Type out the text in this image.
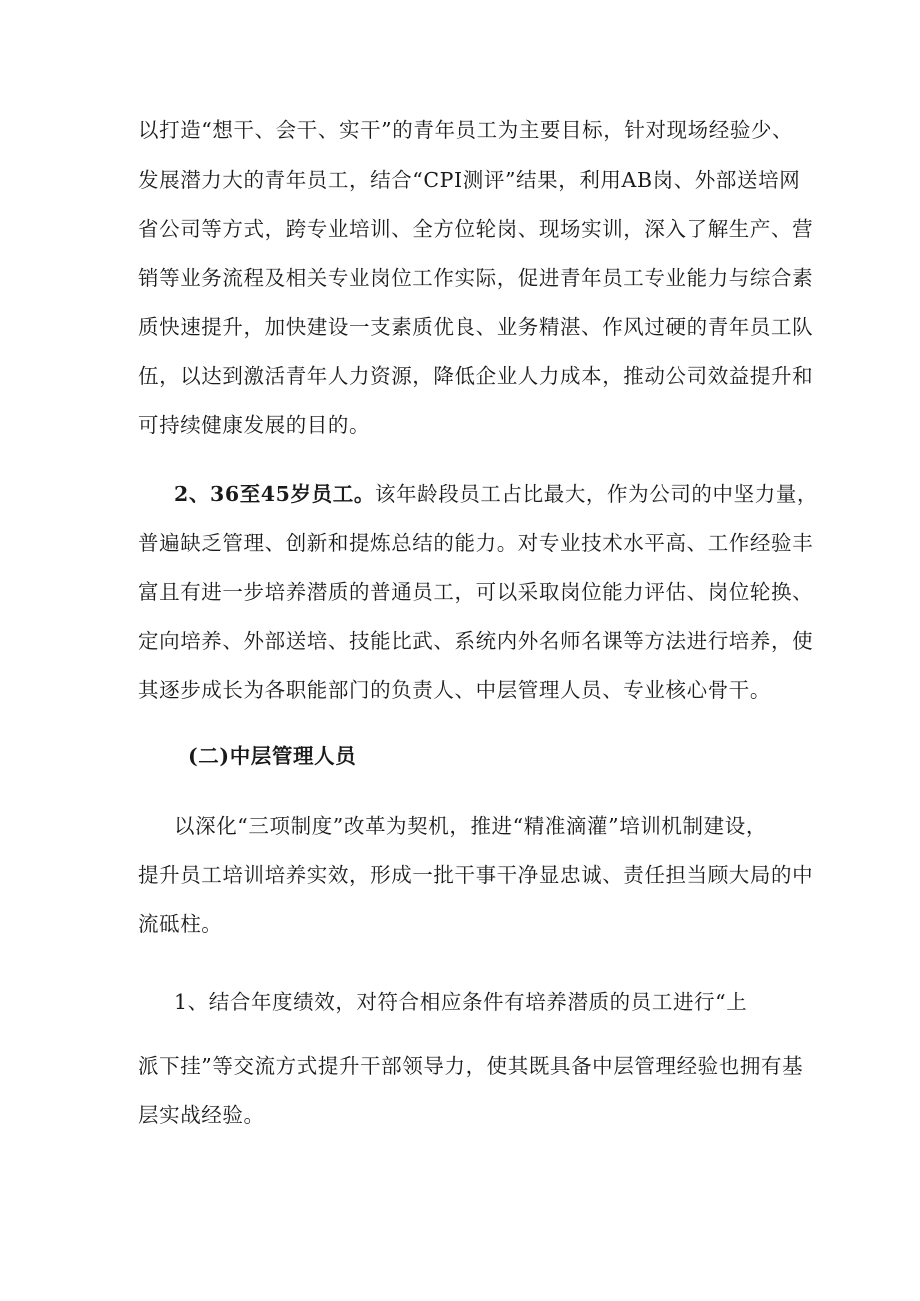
以打造“想干、会干、实干”的青年员工为主要目标，针对现场经验少、

发展潜力大的青年员工，结合“CPI测评”结果，利用AB岗、外部送培网

省公司等方式，跨专业培训、全方位轮岗、现场实训，深入了解生产、营

销等业务流程及相关专业岗位工作实际，促进青年员工专业能力与综合素

质快速提升，加快建设一支素质优良、业务精湛、作风过硬的青年员工队

伍，以达到激活青年人力资源，降低企业人力成本，推动公司效益提升和

可持续健康发展的目的。

2、36至45岁员工。该年龄段员工占比最大，作为公司的中坚力量，

普遍缺乏管理、创新和提炼总结的能力。对专业技术水平高、工作经验丰

富且有进一步培养潜质的普通员工，可以采取岗位能力评估、岗位轮换、

定向培养、外部送培、技能比武、系统内外名师名课等方法进行培养，使

其逐步成长为各职能部门的负责人、中层管理人员、专业核心骨干。

(二)中层管理人员

以深化“三项制度”改革为契机，推进“精准滴灌”培训机制建设，

提升员工培训培养实效，形成一批干事干净显忠诚、责任担当顾大局的中

流砥柱。

1、结合年度绩效，对符合相应条件有培养潜质的员工进行“上

派下挂”等交流方式提升干部领导力，使其既具备中层管理经验也拥有基

层实战经验。
